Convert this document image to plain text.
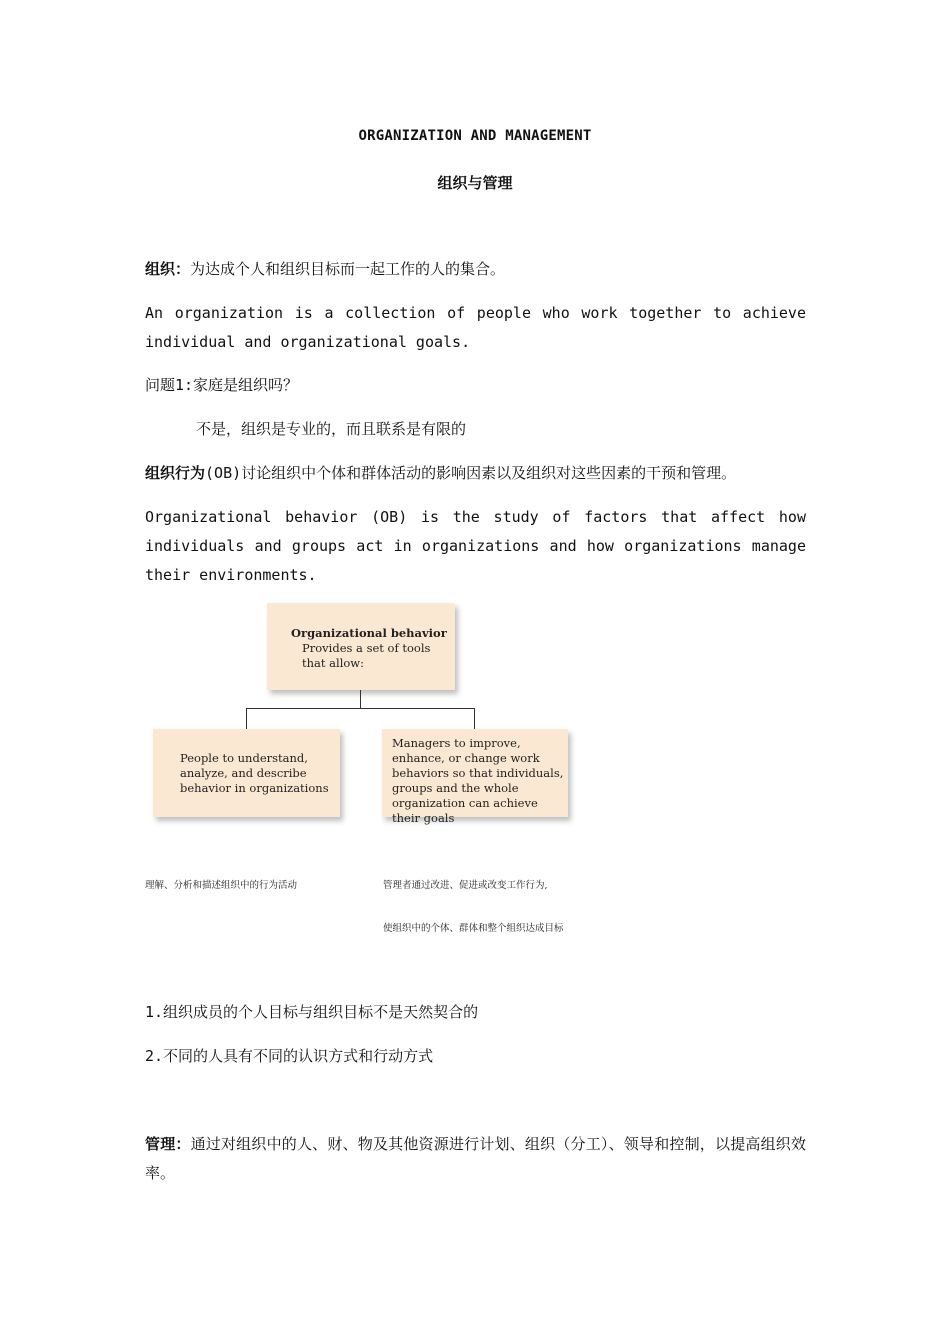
ORGANIZATION AND MANAGEMENT
组织与管理
组织：为达成个人和组织目标而一起工作的人的集合。
An organization is a collection of people who work together to achieve individual and organizational goals.
问题1:家庭是组织吗？
不是，组织是专业的，而且联系是有限的
组织行为(OB)讨论组织中个体和群体活动的影响因素以及组织对这些因素的干预和管理。
Organizational behavior (OB) is the study of factors that affect how individuals and groups act in organizations and how organizations manage their environments.
Organizational behavior
Provides a set of tools
that allow:
People to understand, analyze, and describe behavior in organizations
Managers to improve, enhance, or change work behaviors so that individuals, groups and the whole organization can achieve their goals
理解、分析和描述组织中的行为活动	管理者通过改进、促进或改变工作行为,
使组织中的个体、群体和整个组织达成目标
1.组织成员的个人目标与组织目标不是天然契合的
2.不同的人具有不同的认识方式和行动方式
管理：通过对组织中的人、财、物及其他资源进行计划、组织（分工）、领导和控制，以提高组织效率。
